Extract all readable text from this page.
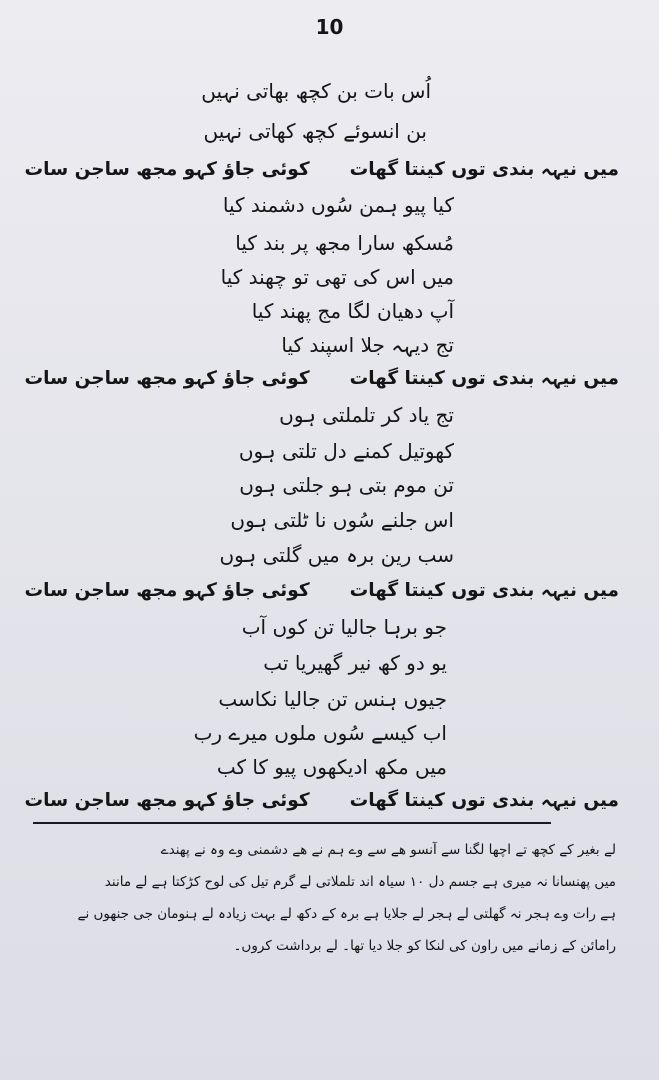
10
اُس بات بن کچھ بھاتی نہیں
بن انسوئے کچھ کھاتی نہیں
میں نیہہ بندی توں کینتا گھاتکوئی جاؤ کہو مجھ ساجن سات
کیا پیو ہمن سُوں دشمند کیا
مُسکھ سارا مجھ پر بند کیا
میں اس کی تھی تو چھند کیا
آپ دھیان لگا مج پھند کیا
تج دیہہ جلا اسپند کیا
میں نیہہ بندی توں کینتا گھاتکوئی جاؤ کہو مجھ ساجن سات
تج یاد کر تلملتی ہوں
کھوتیل کمنے دل تلتی ہوں
تن موم بتی ہو جلتی ہوں
اس جلنے سُوں نا ٹلتی ہوں
سب رین برہ میں گلتی ہوں
میں نیہہ بندی توں کینتا گھاتکوئی جاؤ کہو مجھ ساجن سات
جو برہا جالیا تن کوں آب
یو دو کھ نیر گھیریا تب
جیوں ہنس تن جالیا نکاسب
اب کیسے سُوں ملوں میرے رب
میں مکھ ادیکھوں پیو کا کب
میں نیہہ بندی توں کینتا گھاتکوئی جاؤ کہو مجھ ساجن سات
لے بغیر کے کچھ تے اچھا لگنا سے آنسو ھے سے وے ہم نے ھے دشمنی وے وہ نے پھندے
میں پھنسانا نہ میری ہے جسم دل ۱۰ سیاہ اند تلملاتی لے گرم تیل کی لوح کڑکتا ہے لے مانند
ہے رات وے ہجر نہ گھلتی لے ہجر لے جلایا ہے برہ کے دکھ لے بہت زیادہ لے ہنومان جی جنھوں نے
رامائن کے زمانے میں راون کی لنکا کو جلا دیا تھا۔ لے برداشت کروں۔
